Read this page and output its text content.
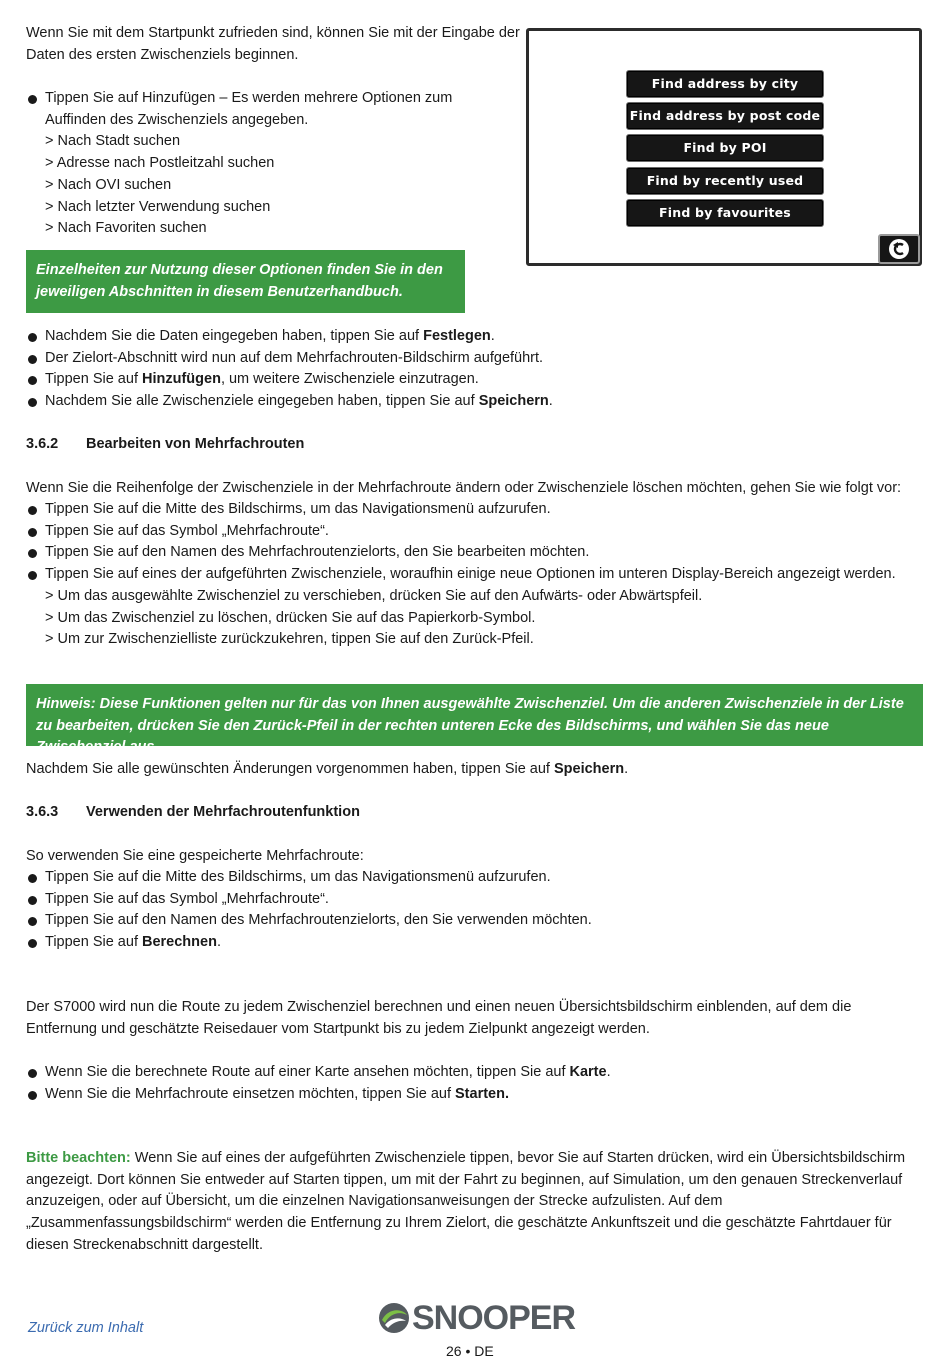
Wenn Sie mit dem Startpunkt zufrieden sind, können Sie mit der Eingabe der Daten des ersten Zwischenziels beginnen.

Tippen Sie auf Hinzufügen – Es werden mehrere Optionen zum Auffinden des Zwischenziels angegeben.
> Nach Stadt suchen
> Adresse nach Postleitzahl suchen
> Nach OVI suchen
> Nach letzter Verwendung suchen
> Nach Favoriten suchen
Einzelheiten zur Nutzung dieser Optionen finden Sie in den jeweiligen Abschnitten in diesem Benutzerhandbuch.
Find address by city
Find address by post code
Find by POI
Find by recently used
Find by favourites
Nachdem Sie die Daten eingegeben haben, tippen Sie auf Festlegen.
Der Zielort-Abschnitt wird nun auf dem Mehrfachrouten-Bildschirm aufgeführt.
Tippen Sie auf Hinzufügen, um weitere Zwischenziele einzutragen.
Nachdem Sie alle Zwischenziele eingegeben haben, tippen Sie auf Speichern.
3.6.2 Bearbeiten von Mehrfachrouten

Wenn Sie die Reihenfolge der Zwischenziele in der Mehrfachroute ändern oder Zwischenziele löschen möchten, gehen Sie wie folgt vor:

Tippen Sie auf die Mitte des Bildschirms, um das Navigationsmenü aufzurufen.
Tippen Sie auf das Symbol „Mehrfachroute“.
Tippen Sie auf den Namen des Mehrfachroutenzielorts, den Sie bearbeiten möchten.
Tippen Sie auf eines der aufgeführten Zwischenziele, woraufhin einige neue Optionen im unteren Display-Bereich angezeigt werden.
> Um das ausgewählte Zwischenziel zu verschieben, drücken Sie auf den Aufwärts- oder Abwärtspfeil.
> Um das Zwischenziel zu löschen, drücken Sie auf das Papierkorb-Symbol.
> Um zur Zwischenzielliste zurückzukehren, tippen Sie auf den Zurück-Pfeil.
Hinweis: Diese Funktionen gelten nur für das von Ihnen ausgewählte Zwischenziel. Um die anderen Zwischenziele in der Liste zu bearbeiten, drücken Sie den Zurück-Pfeil in der rechten unteren Ecke des Bildschirms, und wählen Sie das neue Zwischenziel aus.

Nachdem Sie alle gewünschten Änderungen vorgenommen haben, tippen Sie auf Speichern.

3.6.3 Verwenden der Mehrfachroutenfunktion

So verwenden Sie eine gespeicherte Mehrfachroute:

Tippen Sie auf die Mitte des Bildschirms, um das Navigationsmenü aufzurufen.
Tippen Sie auf das Symbol „Mehrfachroute“.
Tippen Sie auf den Namen des Mehrfachroutenzielorts, den Sie verwenden möchten.
Tippen Sie auf Berechnen.

Der S7000 wird nun die Route zu jedem Zwischenziel berechnen und einen neuen Übersichtsbildschirm einblenden, auf dem die Entfernung und geschätzte Reisedauer vom Startpunkt bis zu jedem Zielpunkt angezeigt werden.

Wenn Sie die berechnete Route auf einer Karte ansehen möchten, tippen Sie auf Karte.
Wenn Sie die Mehrfachroute einsetzen möchten, tippen Sie auf Starten.

Bitte beachten: Wenn Sie auf eines der aufgeführten Zwischenziele tippen, bevor Sie auf Starten drücken, wird ein Übersichtsbildschirm angezeigt. Dort können Sie entweder auf Starten tippen, um mit der Fahrt zu beginnen, auf Simulation, um den genauen Streckenverlauf anzuzeigen, oder auf Übersicht, um die einzelnen Navigationsanweisungen der Strecke aufzulisten. Auf dem „Zusammenfassungsbildschirm“ werden die Entfernung zu Ihrem Zielort, die geschätzte Ankunftszeit und die geschätzte Fahrtdauer für diesen Streckenabschnitt dargestellt.

Zurück zum Inhalt	SNOOPER
26 • DE
